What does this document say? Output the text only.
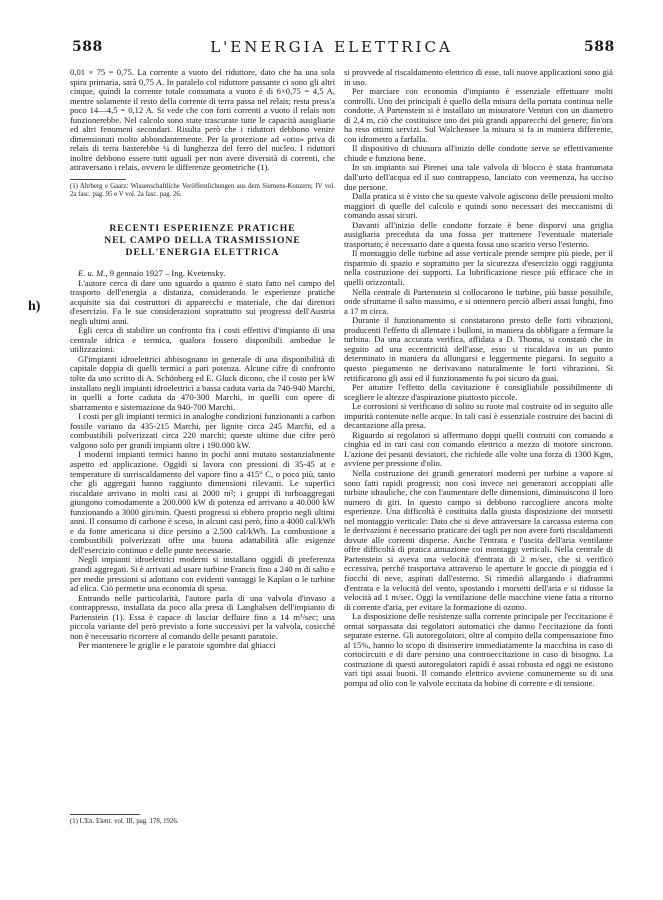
588	L'ENERGIA ELETTRICA	588
h)

0,01 × 75 = 0,75. La corrente a vuoto del riduttore, dato che ha una sola spira primaria, sarà 0,75 A. In paralelo col riduttore passante ci sono gli altri cinque, quindi la corrente totale consumata a vuoto è di 6×0,75 = 4,5 A, mentre solamente il resto della corrente di terra passa nel relais; resta press'a poco 14—4,5 = 0,12 A. Si vede che con forti correnti a vuoto il relais non funzionerebbe. Nel calcolo sono state trascurate tutte le capacità ausigliarie ed altri fenomeni secondari. Risulta però che i riduttori debbono venire dimensionati molto abbondantemente. Per la protezione ad «otto» priva di relais di terra basterebbe ¼ di lunghezza del ferro del nucleo. I riduttori inoltre debbono essere tutti uguali per non avere diversità di correnti, che attraversano i relais, ovvero le differenze geometriche (1).

(1) Ahrberg e Gaarz: Wissenschaftliche Veröffentlichungen aus dem Siemens-Konzern; IV vol. 2a fasc. pag. 95 e V vol. 2a fasc. pag. 26.

RECENTI ESPERIENZE PRATICHE
NEL CAMPO DELLA TRASMISSIONE
DELL'ENERGIA ELETTRICA

E. u. M., 9 gennaio 1927 – Ing. Kvetensky.

L'autore cerca di dare uno sguardo a quanto è stato fatto nel campo del trasporto dell'energia a distanza, considerando le esperienze pratiche acquisite sia dai costruttori di apparecchi e materiale, che dai direttori d'esercizio. Fa le sue considerazioni soprattutto sui progressi dell'Austria negli ultimi anni.

Egli cerca di stabilire un confronto fra i costi effettivi d'impianto di una centrale idrica e termica, qualora fossero disponibili ambedue le utilizzazioni.

Gl'impianti idroelettrici abbisognano in generale di una disponibilità di capitale doppia di quelli termici a pari potenza. Alcune cifre di confronto tolte da uno scritto di A. Schönberg ed E. Gluck dicono, che il costo per kW installato negli impianti idroelettrici a bassa caduta varia da 740-940 Marchi, in quelli a forte caduta da 470-300 Marchi, in quelli con opere di sbarramento e sistemazione da 940-700 Marchi.

I costi per gli impianti termici in analoghe condizioni funzionanti a carbon fossile variano da 435-215 Marchi, per lignite circa 245 Marchi, ed a combustibili polverizzati circa 220 marchi; queste ultime due cifre però valgono solo per grandi impianti oltre i 190.000 kW.

I moderni impianti termici hanno in pochi anni mutato sostanzialmente aspetto ed applicazione. Oggidì si lavora con pressioni di 35-45 at e temperature di surriscaldamento del vapore fino a 415° C, o poco più, tanto che gli aggregati hanno raggiunto dimensioni rilevanti. Le superfici riscaldate arrivano in molti casi ai 2000 m²; i gruppi di turboaggregati giungono comodamente a 200.000 kW di potenza ed arrivano a 40.000 kW funzionando a 3000 giri/min. Questi progressi si ebbero proprio negli ultimi anni. Il consumo di carbone è sceso, in alcuni casi però, fino a 4000 cal/kWh e da fonte americana si dice persino a 2.500 cal/kWh. La combustione a combustibili polverizzati offre una buona adattabilità alle esigenze dell'esercizio continuo e delle punte necessarie.

Negli impianti idroelettrici moderni si installano oggidì di preferenza grandi aggregati. Si è arrivati ad usare turbine Francis fino a 240 m di salto e per medie pressioni si adottano con evidenti vantaggi le Kaplan o le turbine ad elica. Ciò permette una economia di spesa.

Entrando nelle particolarità, l'autore parla di una valvola d'invaso a contrappresso, installata da poco alla presa di Langhalsen dell'impianto di Partenstein (1). Essa è capace di lasciar defluire fino a 14 m³/sec; una piccola variante del però previsto a forte successivi per la valvola, cosicché non è necessario ricorrere al comando delle pesanti paratoie.

Per mantenere le griglie e le paratoie sgombre dai ghiacci

(1) L'En. Elettr. vol. III, pag. 178, 1926.

si provvede al riscaldamento elettrico di esse, tali nuove applicazioni sono già in uso.

Per marciare con economia d'impianto è essenziale effettuare molti controlli. Uno dei principali è quello della misura della portata continua nelle condotte. A Partenstein si è installato un misuratore Venturi con un diametro di 2,4 m, ciò che costituisce uno dei più grandi apparecchi del genere; fin'ora ha reso ottimi servizi. Sul Walchensee la misura si fa in maniera differente, con idrometro a farfalla.

Il dispositivo di chiusura all'inizio delle condotte serve se effettivamente chiude e funziona bene.

In un impianto sui Pirenei una tale valvola di blocco è stata frantumata dall'urto dell'acqua ed il suo contrappeso, lanciato con veemenza, ha ucciso due persone.

Dalla pratica si è visto che su queste valvole agiscono delle pressioni molto maggiori di quelle del calcolo e quindi sono necessari dei meccanismi di comando assai sicuri.

Davanti all'inizio delle condotte forzate è bene disporvi una griglia ausigliaria preceduta da una fossa per trattenere l'eventuale materiale trasportato; è necessario dare a questa fossa uno scarico verso l'esterno.

Il montaggio delle turbine ad asse verticale prende sempre più piede, per il risparmio di spazio e soprattutto per la sicurezza d'esercizio oggi raggiunta nella costruzione dei supporti. La lubrificazione riesce più efficace che in quelli orizzontali.

Nella centrale di Partenstein si collocarono le turbine, più basse possibile, onde sfruttarne il salto massimo, e si ottennero perciò alberi assai lunghi, fino a 17 m circa.

Durante il funzionamento si constatarono presto delle forti vibrazioni, producenti l'effetto di allentare i bulloni, in maniera da obbligare a fermare la turbina. Da una accurata verifica, affidata a D. Thoma, si constatò che in seguito ad una eccentricità dell'asse, esso si riscaldava in un punto determinato in maniera da allungarsi e leggermente piegarsi. In seguito a questo piegamento ne derivavano naturalmente le forti vibrazioni. Si rettificarono gli assi ed il funzionamento fu poi sicuro da guai.

Per attutire l'effetto della cavitazione è consigliabile possibilmente di scegliere le altezze d'aspirazione piuttosto piccole.

Le corrosioni si verificano di solito su ruote mal costruite od in seguito alle impurità contenute nelle acque. In tali casi è essenziale costruire dei bacini di decantazione alla presa.

Riguardo ai regolatori si affermano doppi quelli costruiti con comando a cinghia ed in rari casi con comando elettrico a mezzo di motore sincrono. L'azione dei pesanti deviatori, che richiede alle volte una forza di 1300 Kgm, avviene per pressione d'olio.

Nella costruzione dei grandi generatori moderni per turbine a vapore si sono fatti rapidi progressi; non così invece nei generatori accoppiati alle turbine idrauliche, che con l'aumentare delle dimensioni, diminuiscono il loro numero di giri. In questo campo si debbono raccogliere ancora molte esperienze. Una difficoltà è costituita dalla giusta disposizione dei morsetti nel montaggio verticale: Dato che si deve attraversare la carcassa esterna con le derivazioni è necessario praticare dei tagli per non avere forti riscaldamenti dovute alle correnti disperse. Anche l'entrata e l'uscita dell'aria ventilante offre difficoltà di pratica attuazione coi montaggi verticali. Nella centrale di Partenstein si aveva una velocità d'entrata di 2 m/sec, che si verificò eccessiva, perché trasportava attraverso le aperture le goccie di pioggia ed i fiocchi di neve, aspirati dall'esterno. Si rimediò allargando i diaframmi d'entrata e la velocità del vento, spostando i morsetti dell'aria e si ridusse la velocità ad 1 m/sec. Oggi la ventilazione delle macchine viene fatta a ritorno di corrente d'aria, per evitare la formazione di ozono.

La disposizione delle resistenze sulla corrente principale per l'eccitazione è ormai sorpassata dai regolatori automatici che danno l'eccitazione da fonti separate esterne. Gli autoregolatori, oltre al compito della compensazione fino al 15%, hanno lo scopo di disinserire immediatamente la macchina in caso di cortocircuiti e di dare persino una controeccitazione in caso di bisogno. La costruzione di questi autoregolatori rapidi è assai robusta ed oggi ne esistono vari tipi assai buoni. Il comando elettrico avviene comunemente su di una pompa ad olio con le valvole eccitata da bobine di corrente e di tensione.
